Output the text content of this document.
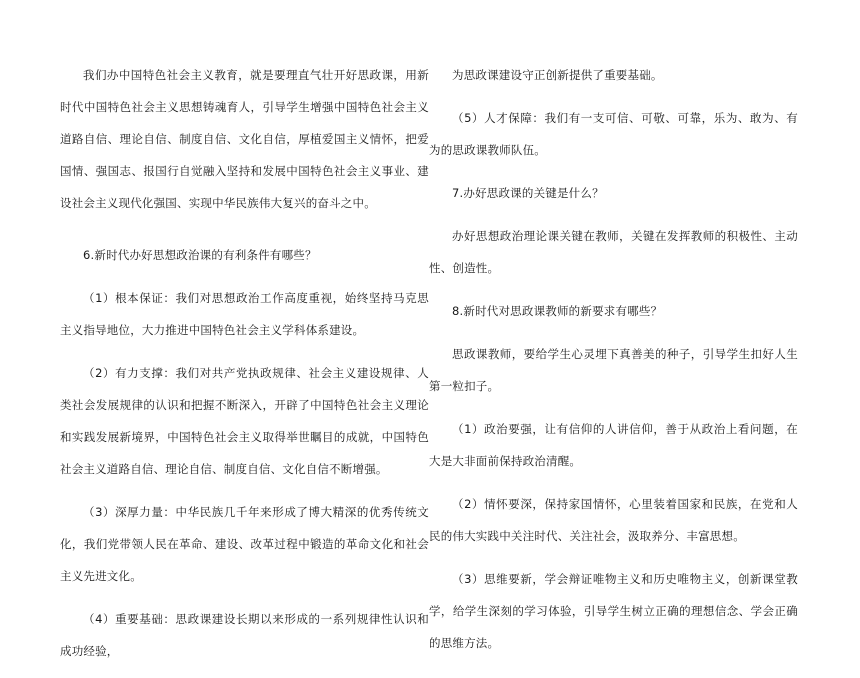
我们办中国特色社会主义教育，就是要理直气壮开好思政课，用新时代中国特色社会主义思想铸魂育人，引导学生增强中国特色社会主义道路自信、理论自信、制度自信、文化自信，厚植爱国主义情怀，把爱国情、强国志、报国行自觉融入坚持和发展中国特色社会主义事业、建设社会主义现代化强国、实现中华民族伟大复兴的奋斗之中。

6.新时代办好思想政治课的有利条件有哪些？

（1）根本保证：我们对思想政治工作高度重视，始终坚持马克思主义指导地位，大力推进中国特色社会主义学科体系建设。

（2）有力支撑：我们对共产党执政规律、社会主义建设规律、人类社会发展规律的认识和把握不断深入，开辟了中国特色社会主义理论和实践发展新境界，中国特色社会主义取得举世瞩目的成就，中国特色社会主义道路自信、理论自信、制度自信、文化自信不断增强。

（3）深厚力量：中华民族几千年来形成了博大精深的优秀传统文化，我们党带领人民在革命、建设、改革过程中锻造的革命文化和社会主义先进文化。

（4）重要基础：思政课建设长期以来形成的一系列规律性认识和成功经验，

为思政课建设守正创新提供了重要基础。

（5）人才保障：我们有一支可信、可敬、可靠，乐为、敢为、有为的思政课教师队伍。

7.办好思政课的关键是什么？

办好思想政治理论课关键在教师，关键在发挥教师的积极性、主动性、创造性。

8.新时代对思政课教师的新要求有哪些？

思政课教师，要给学生心灵埋下真善美的种子，引导学生扣好人生第一粒扣子。

（1）政治要强，让有信仰的人讲信仰，善于从政治上看问题，在大是大非面前保持政治清醒。

（2）情怀要深，保持家国情怀，心里装着国家和民族，在党和人民的伟大实践中关注时代、关注社会，汲取养分、丰富思想。

（3）思维要新，学会辩证唯物主义和历史唯物主义，创新课堂教学，给学生深刻的学习体验，引导学生树立正确的理想信念、学会正确的思维方法。
